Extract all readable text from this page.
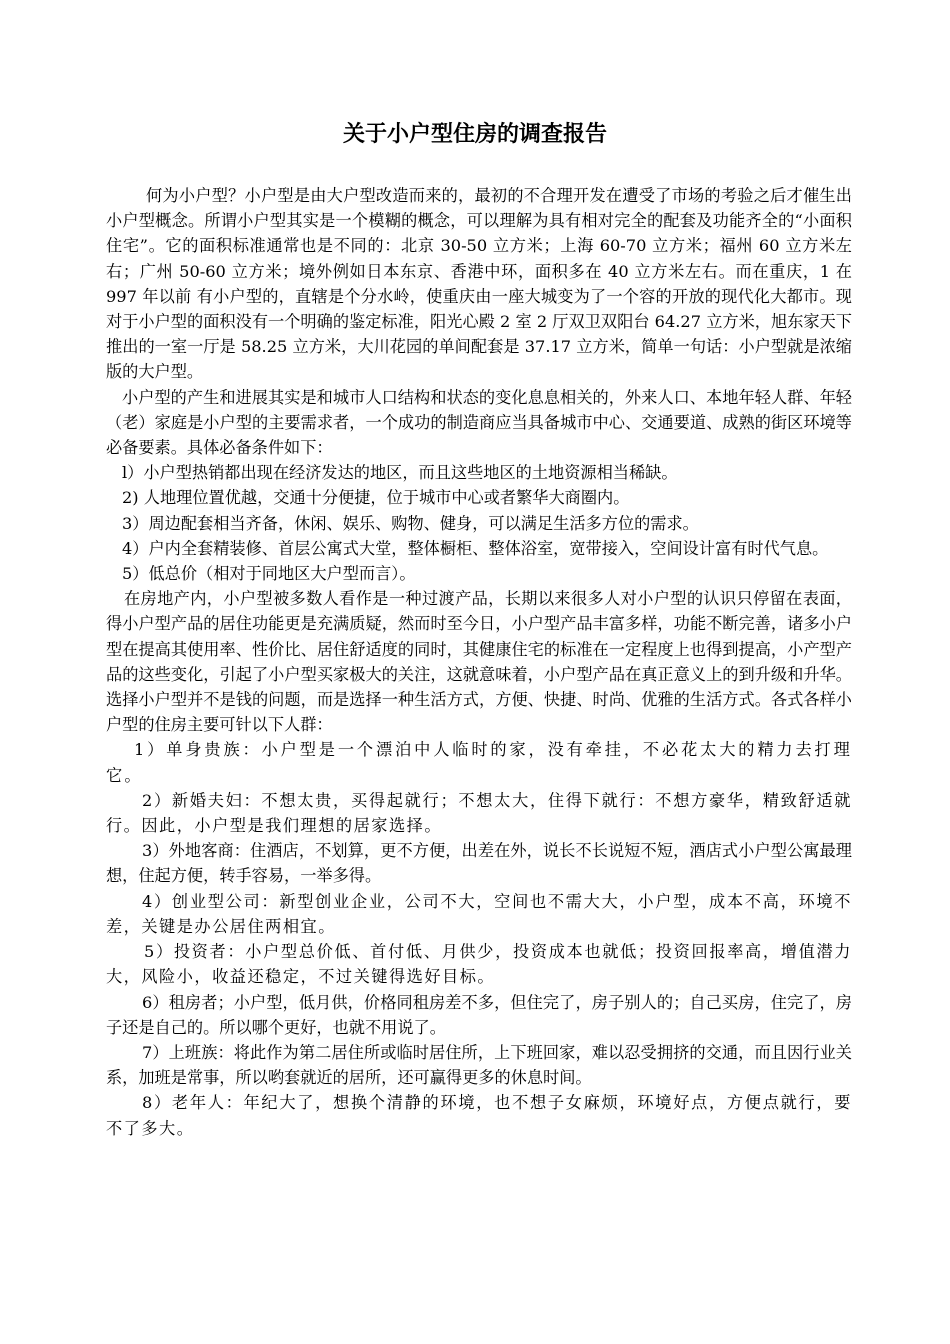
关于小户型住房的调查报告

何为小户型？小户型是由大户型改造而来的，最初的不合理开发在遭受了市场的考验之后才催生出小户型概念。所谓小户型其实是一个模糊的概念，可以理解为具有相对完全的配套及功能齐全的“小面积住宅”。它的面积标准通常也是不同的：北京 30-50 立方米；上海 60-70 立方米；福州 60 立方米左右；广州 50-60 立方米；境外例如日本东京、香港中环，面积多在 40 立方米左右。而在重庆，1 在 997 年以前 有小户型的，直辖是个分水岭，使重庆由一座大城变为了一个容的开放的现代化大都市。现对于小户型的面积没有一个明确的鉴定标准，阳光心殿 2 室 2 厅双卫双阳台 64.27 立方米，旭东家天下推出的一室一厅是 58.25 立方米，大川花园的单间配套是 37.17 立方米，简单一句话：小户型就是浓缩版的大户型。

小户型的产生和进展其实是和城市人口结构和状态的变化息息相关的，外来人口、本地年轻人群、年轻（老）家庭是小户型的主要需求者，一个成功的制造商应当具备城市中心、交通要道、成熟的街区环境等必备要素。具体必备条件如下：

l）小户型热销都出现在经济发达的地区，而且这些地区的土地资源相当稀缺。

2) 人地理位置优越，交通十分便捷，位于城市中心或者繁华大商圈内。

3）周边配套相当齐备，休闲、娱乐、购物、健身，可以满足生活多方位的需求。

4）户内全套精装修、首层公寓式大堂，整体橱柜、整体浴室，宽带接入，空间设计富有时代气息。

5）低总价（相对于同地区大户型而言）。

在房地产内，小户型被多数人看作是一种过渡产品，长期以来很多人对小户型的认识只停留在表面，得小户型产品的居住功能更是充满质疑，然而时至今日，小户型产品丰富多样，功能不断完善，诸多小户型在提高其使用率、性价比、居住舒适度的同时，其健康住宅的标准在一定程度上也得到提高，小产型产品的这些变化，引起了小户型买家极大的关注，这就意味着，小户型产品在真正意义上的到升级和升华。选择小户型并不是钱的问题，而是选择一种生活方式，方便、快捷、时尚、优雅的生活方式。各式各样小户型的住房主要可针以下人群：

1）单身贵族：小户型是一个漂泊中人临时的家，没有牵挂，不必花太大的精力去打理它。

2）新婚夫妇：不想太贵，买得起就行；不想太大，住得下就行：不想方豪华，精致舒适就行。因此，小户型是我们理想的居家选择。

3）外地客商：住酒店，不划算，更不方便，出差在外，说长不长说短不短，酒店式小户型公寓最理想，住起方便，转手容易，一举多得。

4）创业型公司：新型创业企业，公司不大，空间也不需大大，小户型，成本不高，环境不差，关键是办公居住两相宜。

5）投资者：小户型总价低、首付低、月供少，投资成本也就低；投资回报率高，增值潜力大，风险小，收益还稳定，不过关键得选好目标。

6）租房者；小户型，低月供，价格同租房差不多，但住完了，房子别人的；自己买房，住完了，房子还是自己的。所以哪个更好，也就不用说了。

7）上班族：将此作为第二居住所或临时居住所，上下班回家，难以忍受拥挤的交通，而且因行业关系，加班是常事，所以哟套就近的居所，还可赢得更多的休息时间。

8）老年人：年纪大了，想换个清静的环境，也不想子女麻烦，环境好点，方便点就行，要不了多大。
